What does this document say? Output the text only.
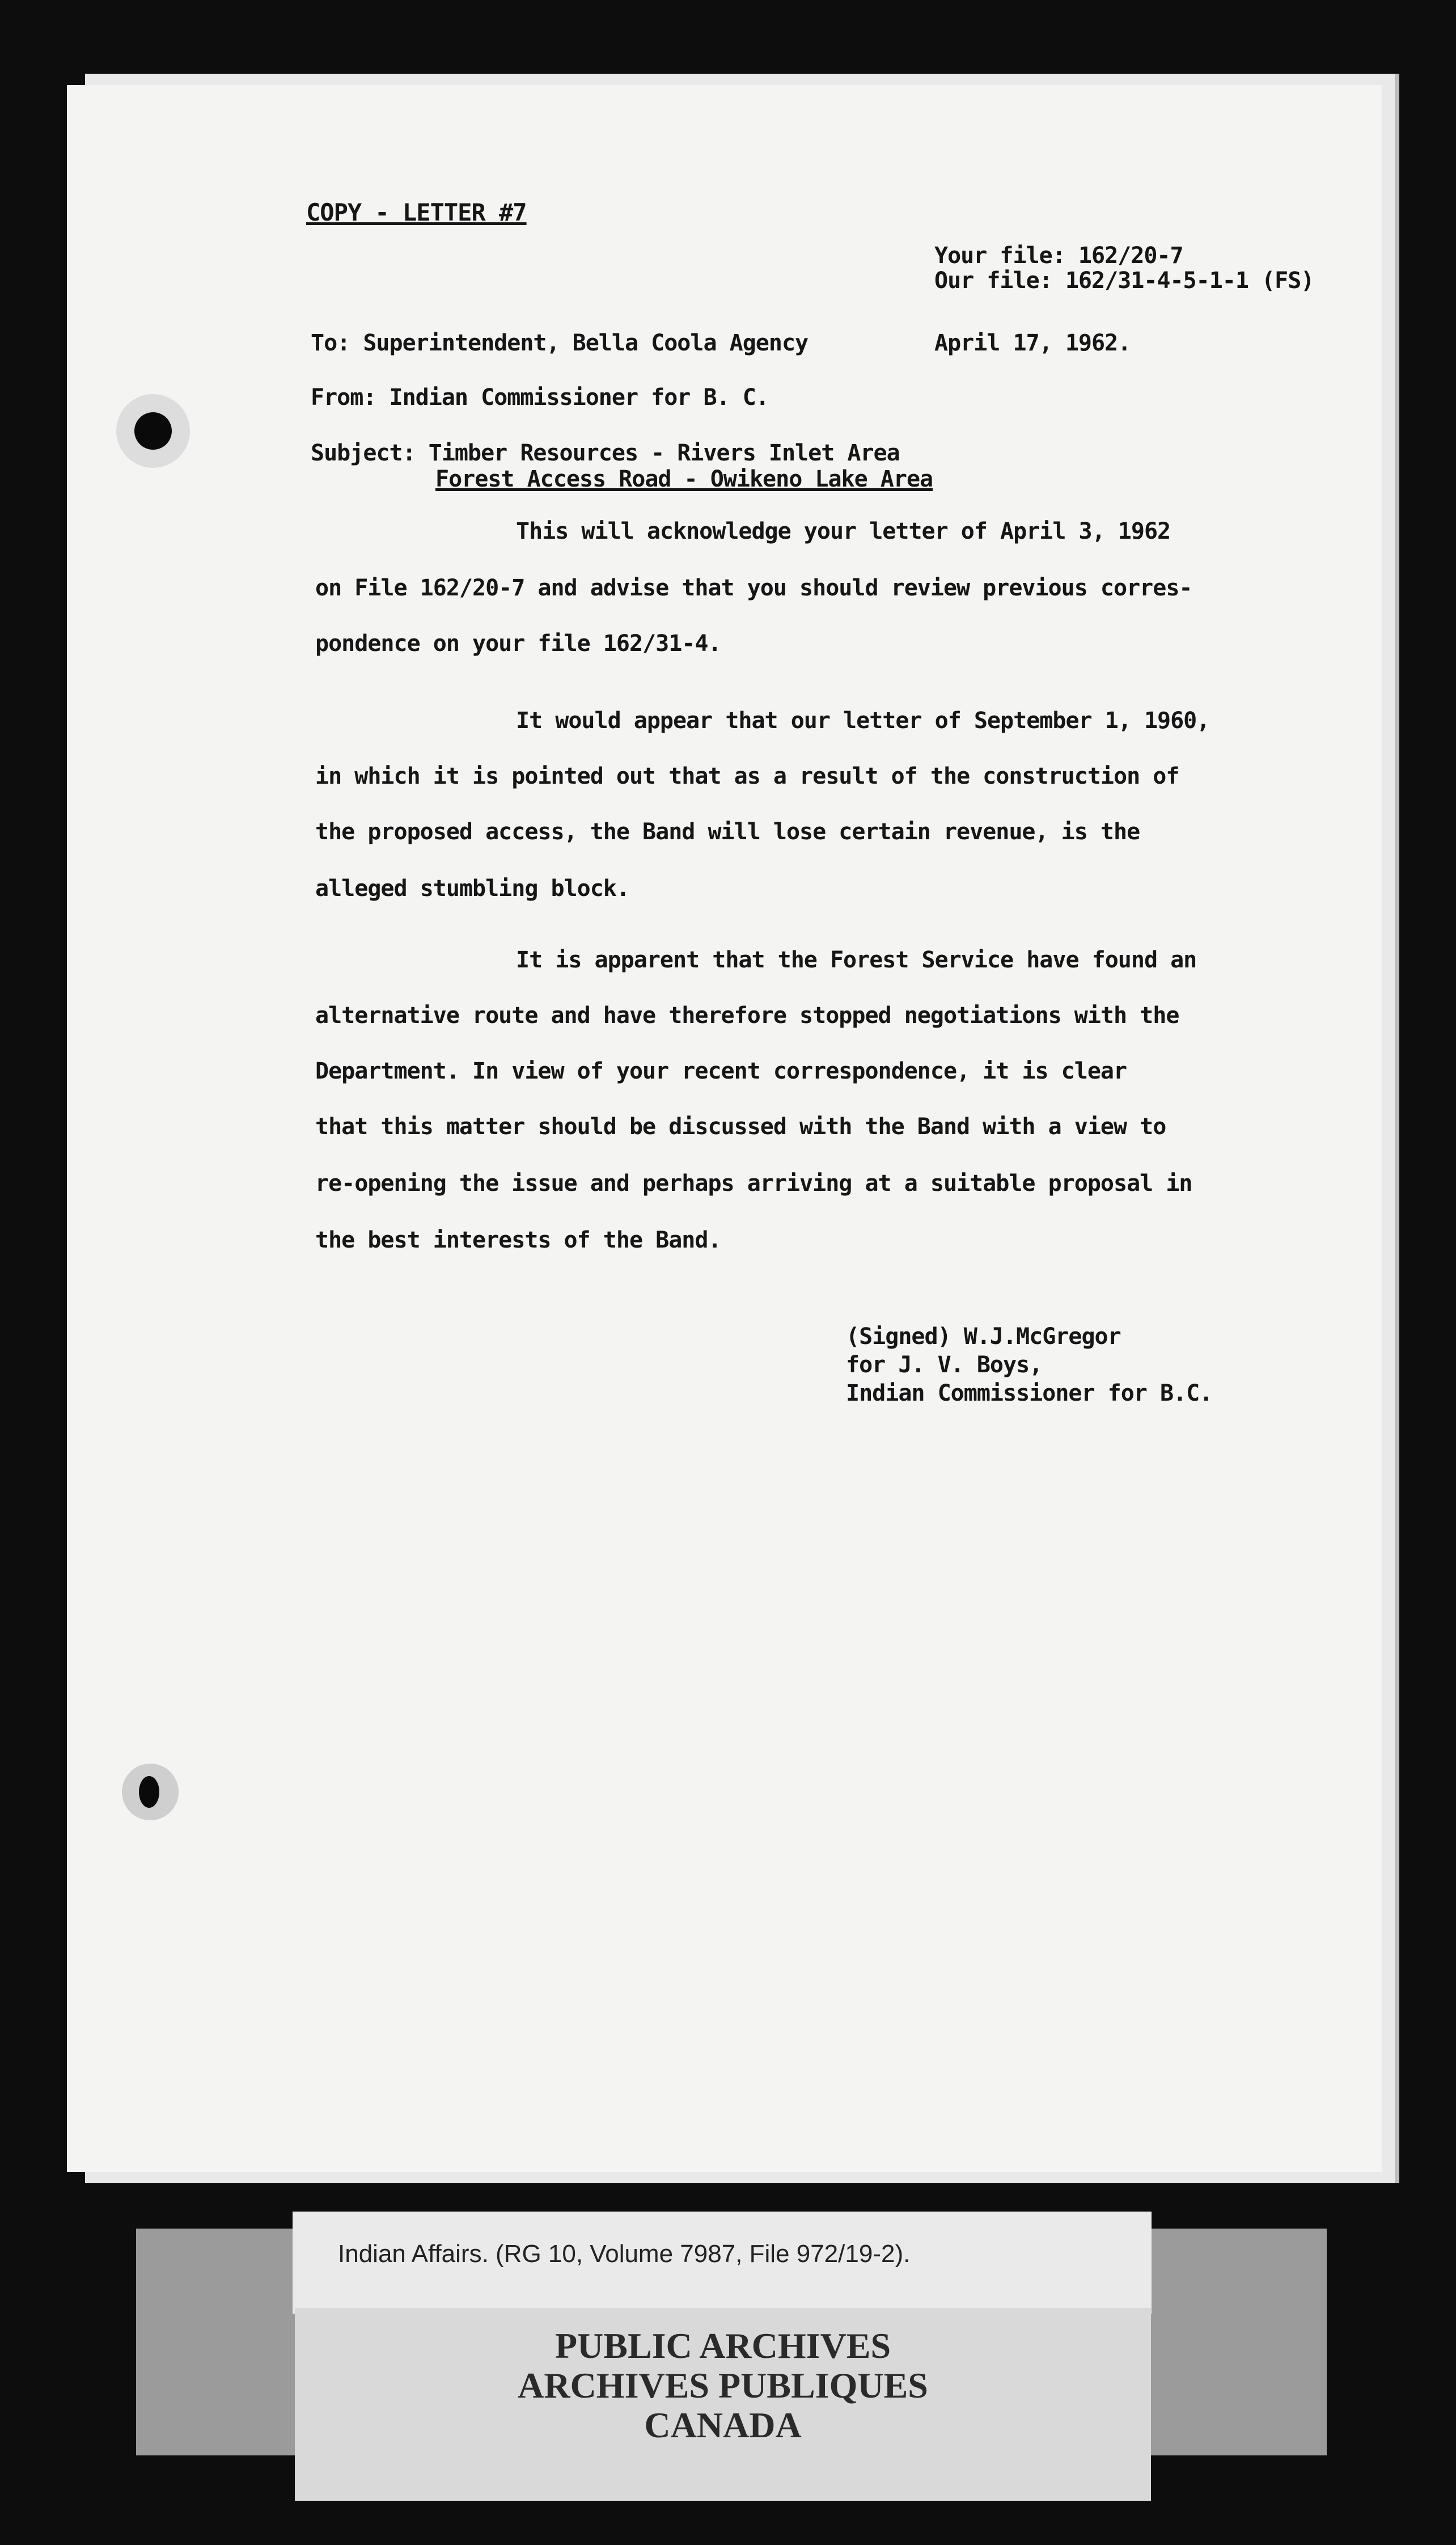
COPY - LETTER #7
Your file: 162/20-7
Our file: 162/31-4-5-1-1 (FS)
To: Superintendent, Bella Coola Agency	April 17, 1962.
From: Indian Commissioner for B. C.
Subject: Timber Resources - Rivers Inlet Area
Forest Access Road - Owikeno Lake Area
This will acknowledge your letter of April 3, 1962
on File 162/20-7 and advise that you should review previous corres-
pondence on your file 162/31-4.
It would appear that our letter of September 1, 1960,
in which it is pointed out that as a result of the construction of
the proposed access, the Band will lose certain revenue, is the
alleged stumbling block.
It is apparent that the Forest Service have found an
alternative route and have therefore stopped negotiations with the
Department. In view of your recent correspondence, it is clear
that this matter should be discussed with the Band with a view to
re-opening the issue and perhaps arriving at a suitable proposal in
the best interests of the Band.
(Signed) W.J.McGregor
for J. V. Boys,
Indian Commissioner for B.C.
Indian Affairs. (RG 10, Volume 7987, File 972/19-2).
PUBLIC ARCHIVES
ARCHIVES PUBLIQUES
CANADA
